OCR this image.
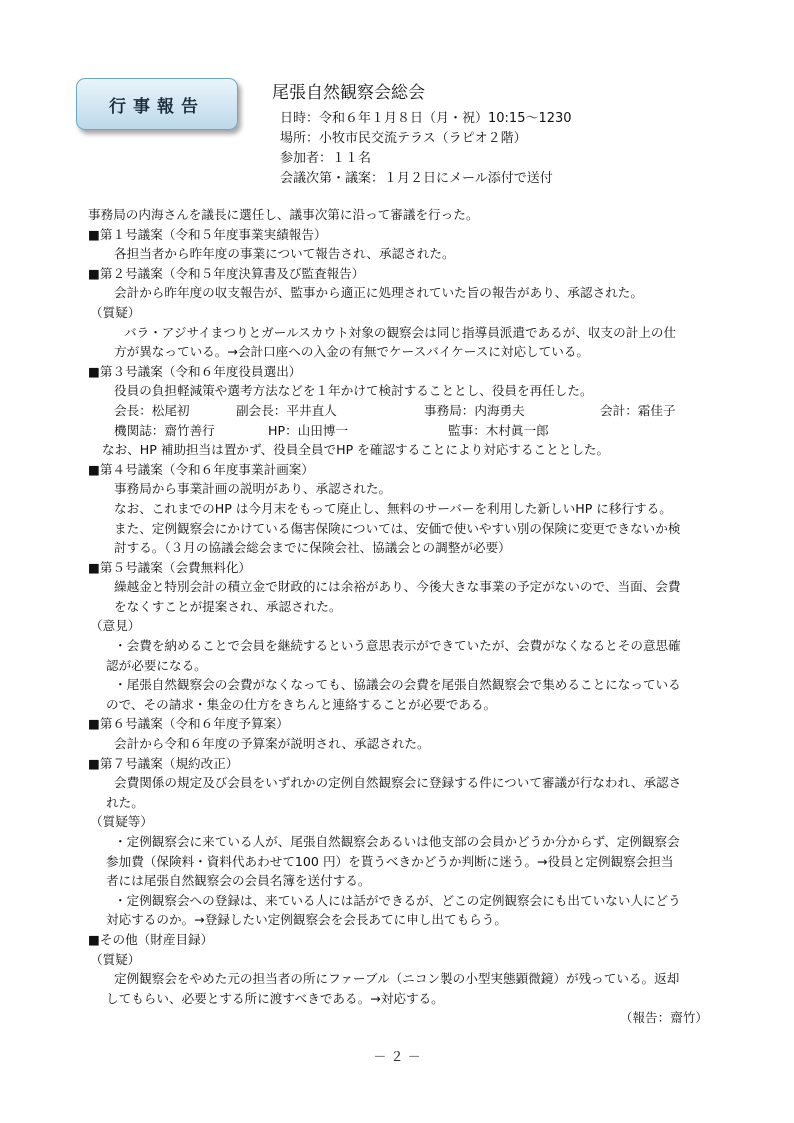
行事報告
尾張自然観察会総会
日時：令和６年１月８日（月・祝）10:15～1230
場所：小牧市民交流テラス（ラピオ２階）
参加者：１１名
会議次第・議案：１月２日にメール添付で送付
事務局の内海さんを議長に選任し、議事次第に沿って審議を行った。
■第１号議案（令和５年度事業実績報告）
各担当者から昨年度の事業について報告され、承認された。
■第２号議案（令和５年度決算書及び監査報告）
会計から昨年度の収支報告が、監事から適正に処理されていた旨の報告があり、承認された。
（質疑）
バラ・アジサイまつりとガールスカウト対象の観察会は同じ指導員派遣であるが、収支の計上の仕
方が異なっている。→会計口座への入金の有無でケースバイケースに対応している。
■第３号議案（令和６年度役員選出）
役員の負担軽減策や選考方法などを１年かけて検討することとし、役員を再任した。
会長：松尾初	副会長：平井直人	事務局：内海勇夫	会計：霜佳子
機関誌：齋竹善行	HP：山田博一	監事：木村眞一郎
なお、HP 補助担当は置かず、役員全員でHP を確認することにより対応することとした。
■第４号議案（令和６年度事業計画案）
事務局から事業計画の説明があり、承認された。
なお、これまでのHP は今月末をもって廃止し、無料のサーバーを利用した新しいHP に移行する。
また、定例観察会にかけている傷害保険については、安価で使いやすい別の保険に変更できないか検
討する。（３月の協議会総会までに保険会社、協議会との調整が必要）
■第５号議案（会費無料化）
繰越金と特別会計の積立金で財政的には余裕があり、今後大きな事業の予定がないので、当面、会費
をなくすことが提案され、承認された。
（意見）
・会費を納めることで会員を継続するという意思表示ができていたが、会費がなくなるとその意思確
認が必要になる。
・尾張自然観察会の会費がなくなっても、協議会の会費を尾張自然観察会で集めることになっている
ので、その請求・集金の仕方をきちんと連絡することが必要である。
■第６号議案（令和６年度予算案）
会計から令和６年度の予算案が説明され、承認された。
■第７号議案（規約改正）
会費関係の規定及び会員をいずれかの定例自然観察会に登録する件について審議が行なわれ、承認さ
れた。
（質疑等）
・定例観察会に来ている人が、尾張自然観察会あるいは他支部の会員かどうか分からず、定例観察会
参加費（保険料・資料代あわせて100 円）を貰うべきかどうか判断に迷う。→役員と定例観察会担当
者には尾張自然観察会の会員名簿を送付する。
・定例観察会への登録は、来ている人には話ができるが、どこの定例観察会にも出ていない人にどう
対応するのか。→登録したい定例観察会を会長あてに申し出てもらう。
■その他（財産目録）
（質疑）
定例観察会をやめた元の担当者の所にファーブル（ニコン製の小型実態顕微鏡）が残っている。返却
してもらい、必要とする所に渡すべきである。→対応する。
（報告：齋竹）
－ ２ －
